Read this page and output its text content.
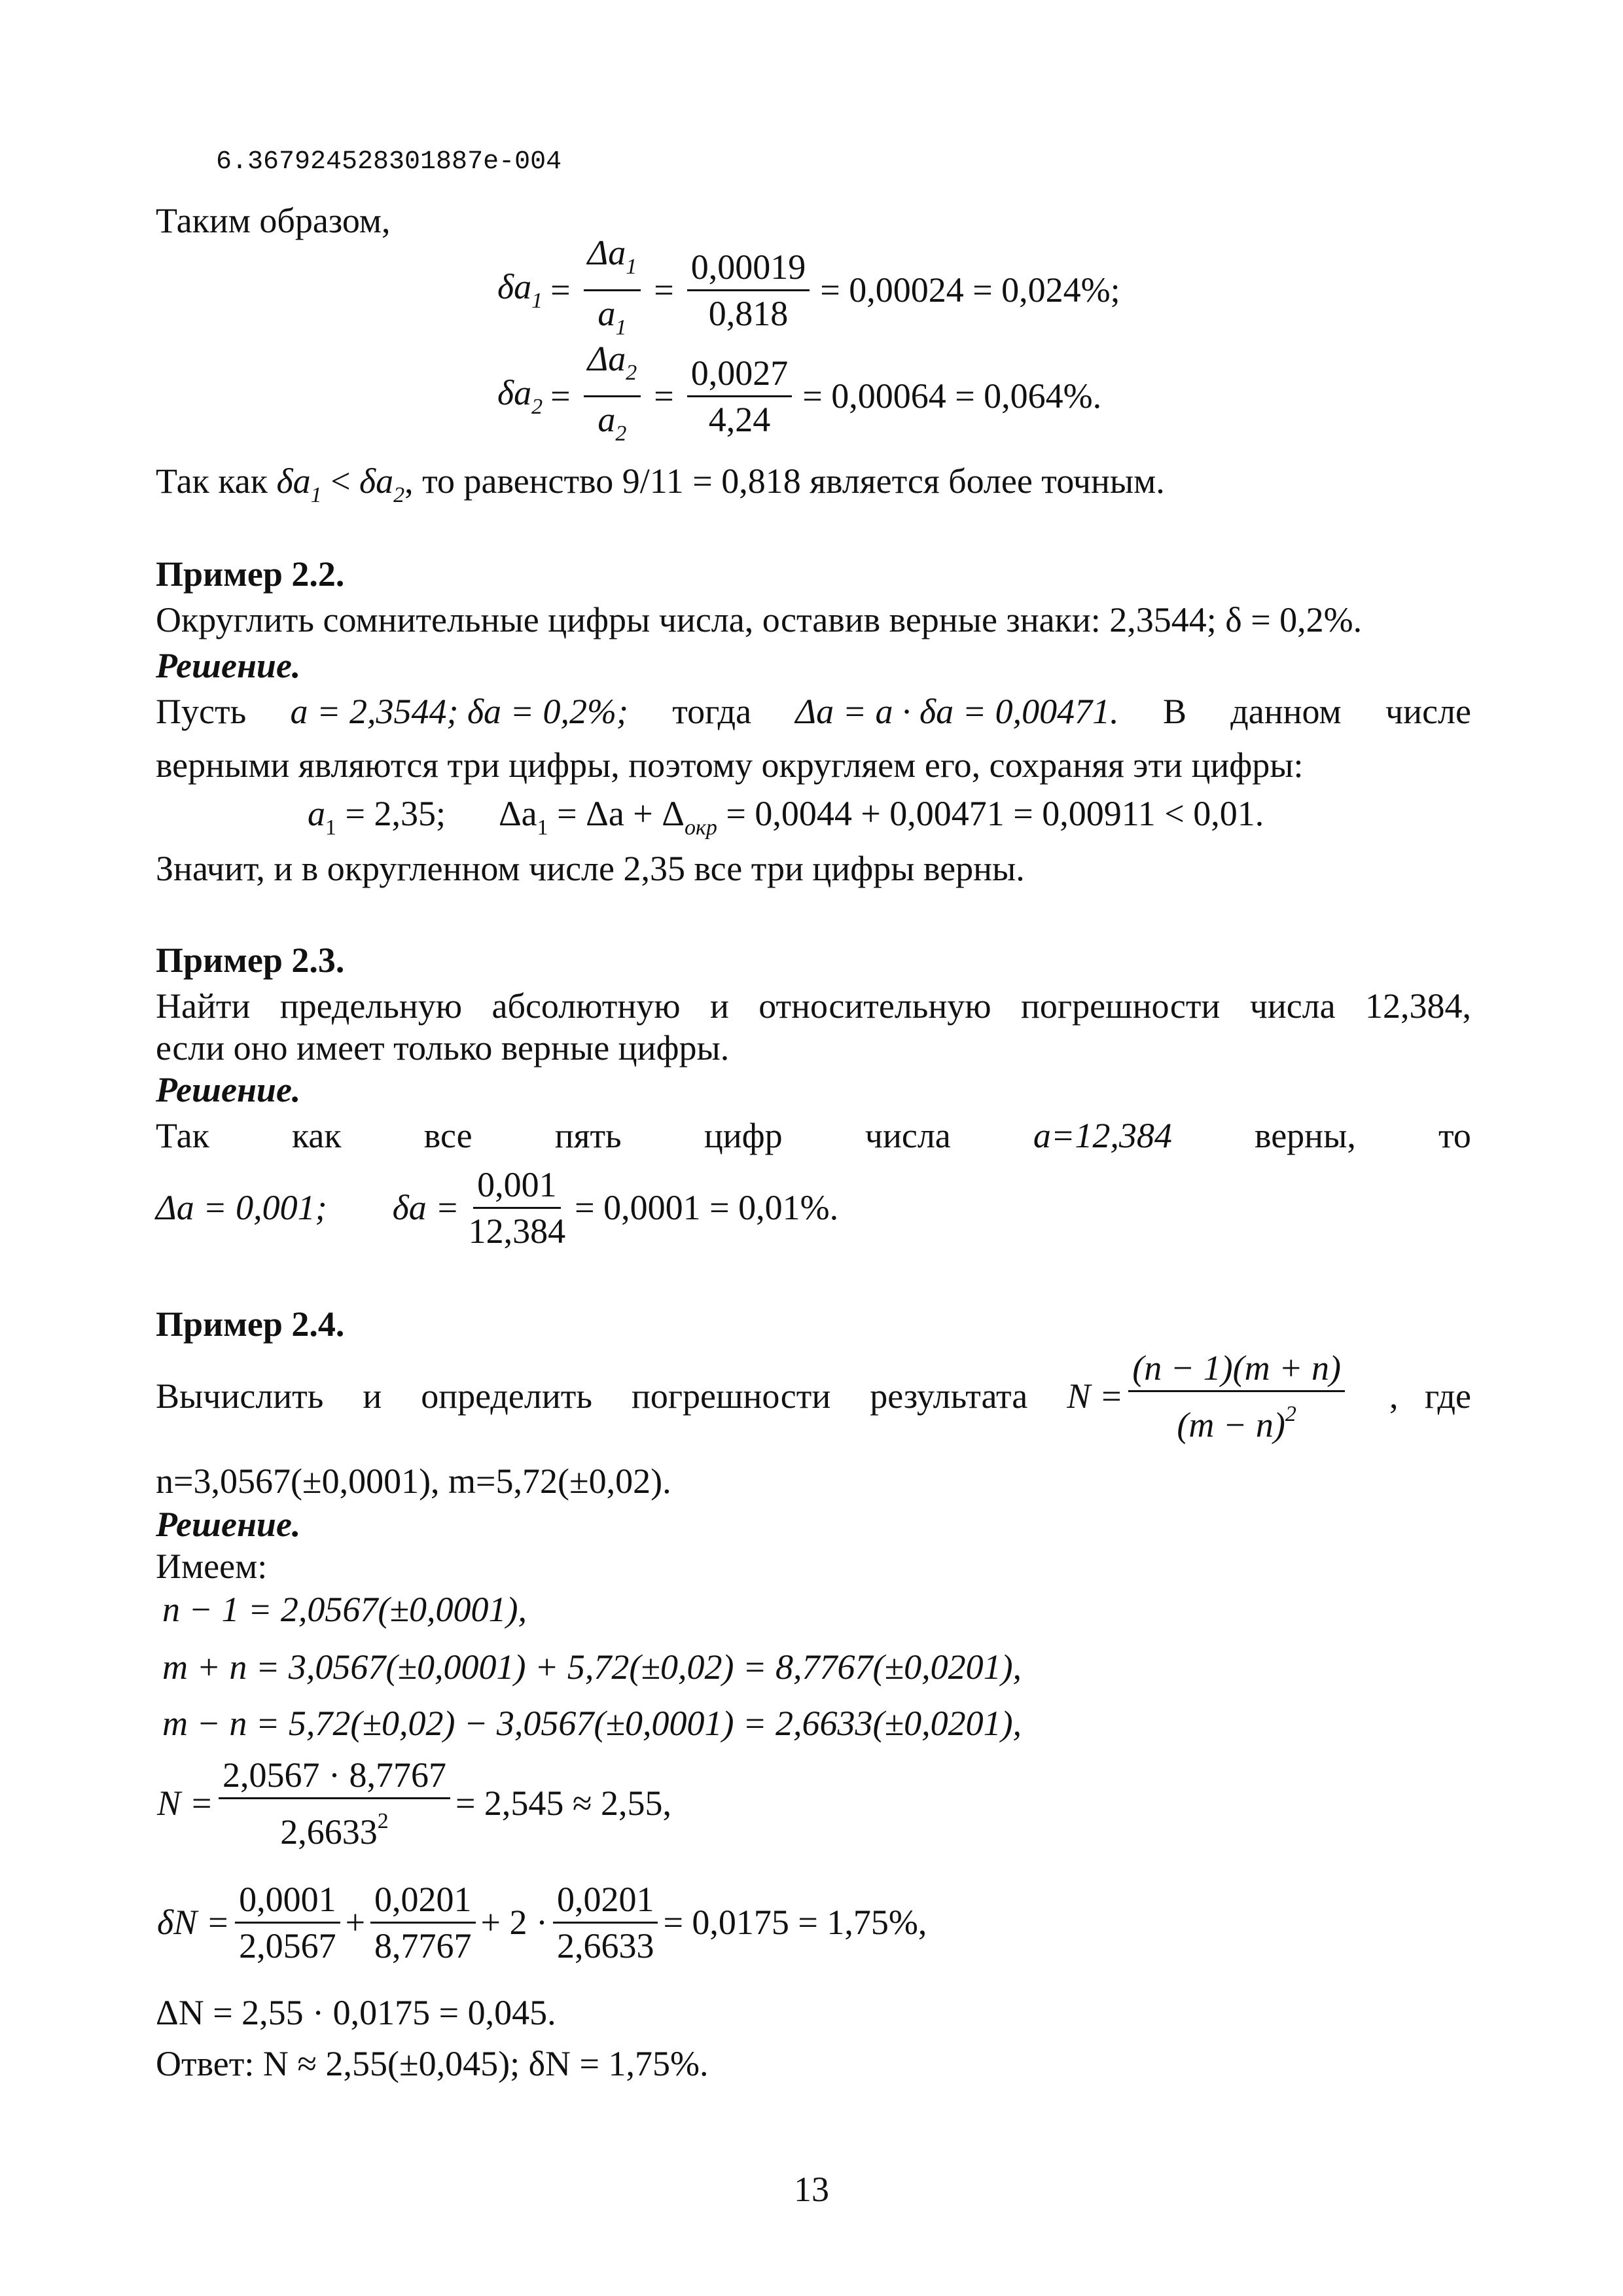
6.367924528301887e-004
Таким образом,
$\delta a_1 = \frac{\Delta a_1}{a_1} = \frac{0,00019}{0,818} = 0,00024 = 0,024\%$;
$\delta a_2 = \frac{\Delta a_2}{a_2} = \frac{0,0027}{4,24} = 0,00064 = 0,064\%$.
Так как $\delta a_1 < \delta a_2$, то равенство 9/11 = 0,818 является более точным.
Пример 2.2.
Округлить сомнительные цифры числа, оставив верные знаки: 2,3544; δ = 0,2%.
Решение.
Пусть a = 2,3544; δa = 0,2%; тогда Δa = a · δa = 0,00471. В данном числе
верными являются три цифры, поэтому округляем его, сохраняя эти цифры:
$a_1 = 2,35$;      $\Delta a_1 = \Delta a + \Delta_{окр} = 0,0044 + 0,00471 = 0,00911 < 0,01$.
Значит, и в округленном числе 2,35 все три цифры верны.
Пример 2.3.
Найти предельную абсолютную и относительную погрешности числа 12,384,
если оно имеет только верные цифры.
Решение.
Так как все пять цифр числа a=12,384 верны, то
Δa = 0,001; $\delta a = \frac{0,001}{12,384} = 0,0001 = 0,01\%$.
Пример 2.4.
Вычислить и определить погрешности результата $N = \frac{(n - 1)(m + n)}{(m - n)^2}$ ,   где
n=3,0567(±0,0001), m=5,72(±0,02).
Решение.
Имеем:
n − 1 = 2,0567(±0,0001),
m + n = 3,0567(±0,0001) + 5,72(±0,02) = 8,7767(±0,0201),
m − n = 5,72(±0,02) − 3,0567(±0,0001) = 2,6633(±0,0201),
$N = \frac{2,0567 \cdot 8,7767}{2,6633^2} = 2,545 \approx 2,55$,
$\delta N = \frac{0,0001}{2,0567} + \frac{0,0201}{8,7767} + 2 \cdot \frac{0,0201}{2,6633} = 0,0175 = 1,75\%$,
ΔN = 2,55 · 0,0175 = 0,045.
Ответ: N ≈ 2,55(±0,045); δN = 1,75%.
13
